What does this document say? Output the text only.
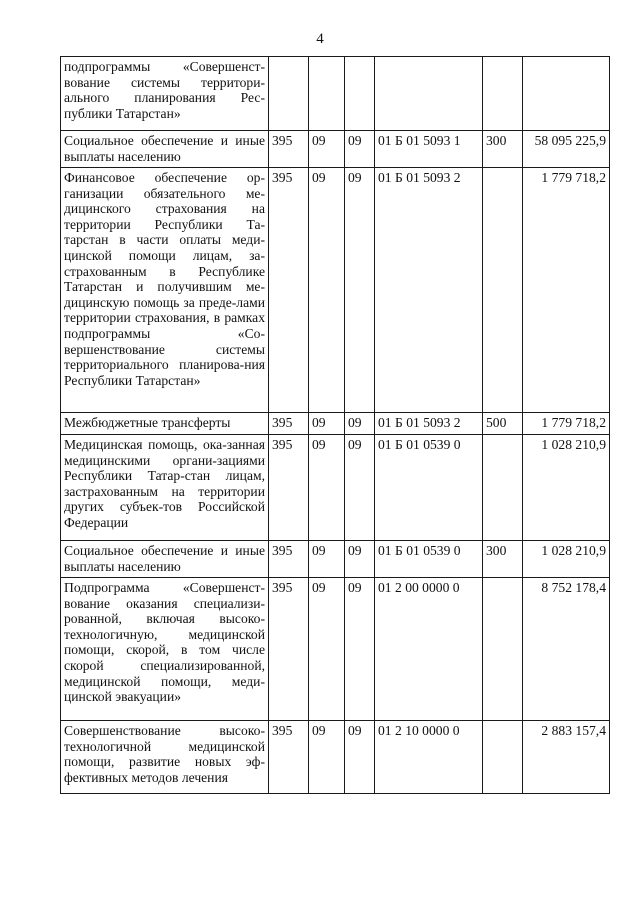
4
подпрограммы «Совершенст-вование системы территори-ального планирования Рес-публики Татарстан»						
Социальное обеспечение и иные выплаты населению	395	09	09	01 Б 01 5093 1	300	58 095 225,9
Финансовое обеспечение ор-ганизации обязательного ме-дицинского страхования на территории Республики Та-тарстан в части оплаты меди-цинской помощи лицам, за-страхованным в Республике Татарстан и получившим ме-дицинскую помощь за преде-лами территории страхования, в рамках подпрограммы «Со-вершенствование системы территориального планирова-ния Республики Татарстан»	395	09	09	01 Б 01 5093 2		1 779 718,2
Межбюджетные трансферты	395	09	09	01 Б 01 5093 2	500	1 779 718,2
Медицинская помощь, ока-занная медицинскими органи-зациями Республики Татар-стан лицам, застрахованным на территории других субъек-тов Российской Федерации	395	09	09	01 Б 01 0539 0		1 028 210,9
Социальное обеспечение и иные выплаты населению	395	09	09	01 Б 01 0539 0	300	1 028 210,9
Подпрограмма «Совершенст-вование оказания специализи-рованной, включая высоко-технологичную, медицинской помощи, скорой, в том числе скорой специализированной, медицинской помощи, меди-цинской эвакуации»	395	09	09	01 2 00 0000 0		8 752 178,4
Совершенствование высоко-технологичной медицинской помощи, развитие новых эф-фективных методов лечения	395	09	09	01 2 10 0000 0		2 883 157,4
